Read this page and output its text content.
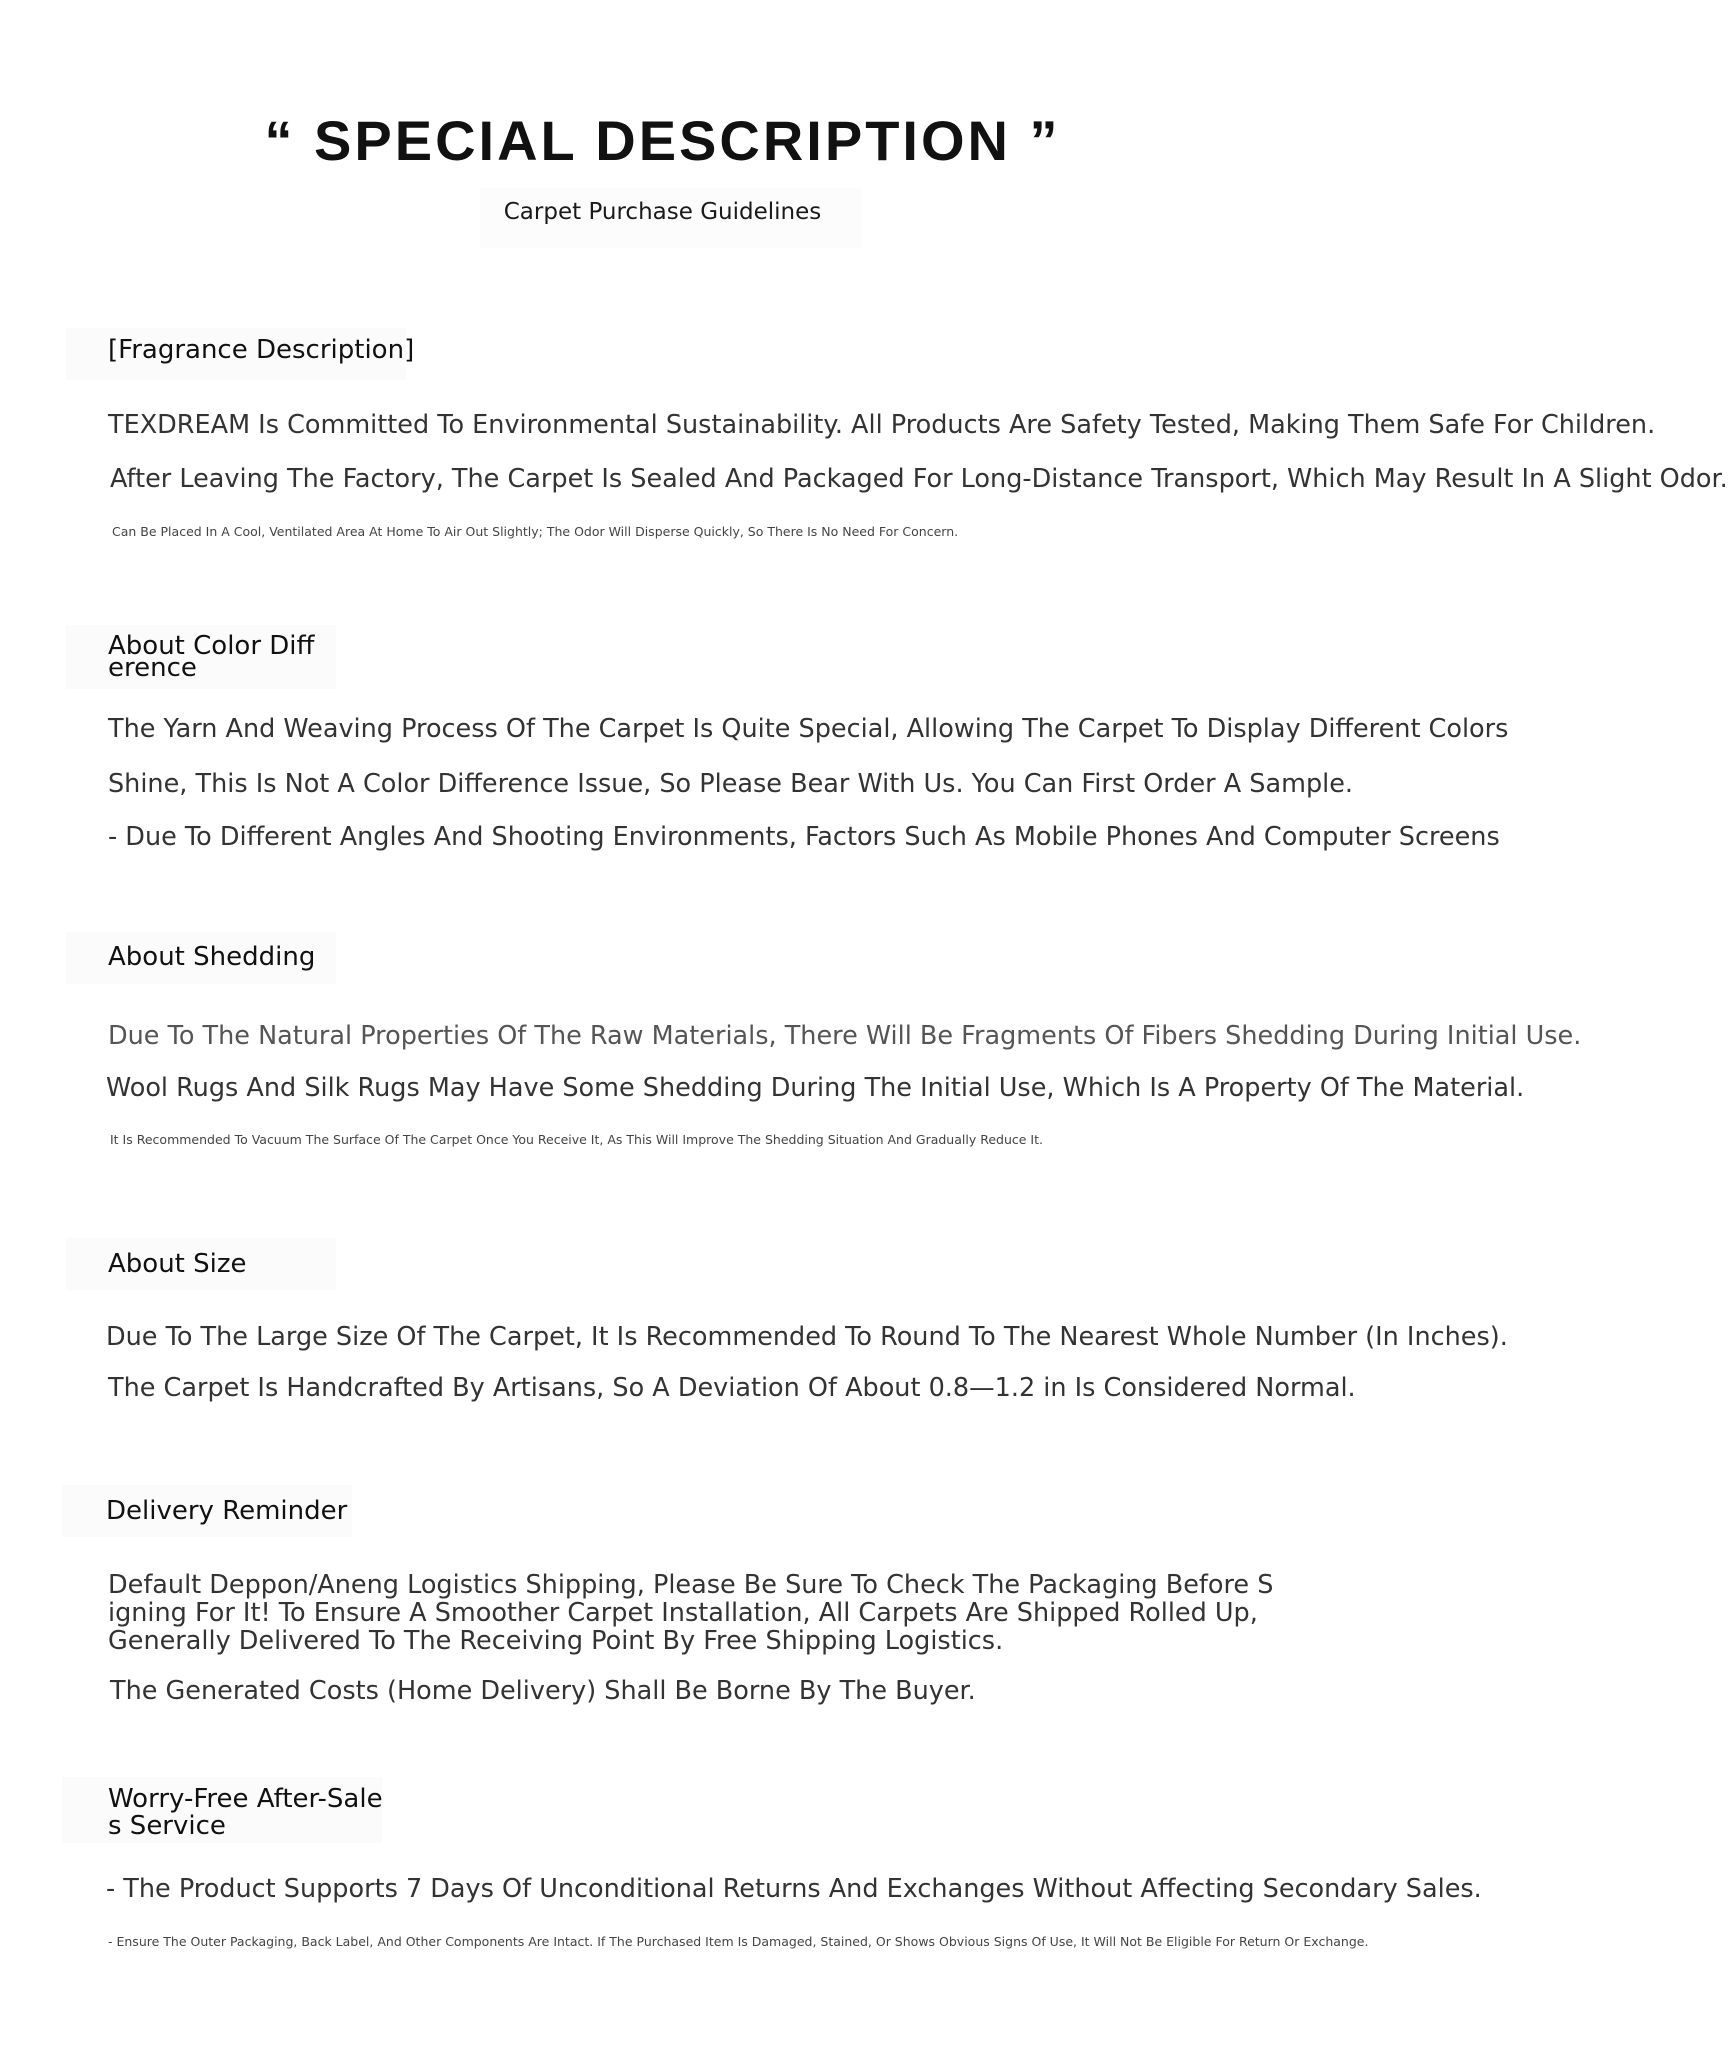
“ SPECIAL DESCRIPTION ”
Carpet Purchase Guidelines
[Fragrance Description]
TEXDREAM Is Committed To Environmental Sustainability. All Products Are Safety Tested, Making Them Safe For Children.
After Leaving The Factory, The Carpet Is Sealed And Packaged For Long-Distance Transport, Which May Result In A Slight Odor.
Can Be Placed In A Cool, Ventilated Area At Home To Air Out Slightly; The Odor Will Disperse Quickly, So There Is No Need For Concern.
About Color Diff
erence
The Yarn And Weaving Process Of The Carpet Is Quite Special, Allowing The Carpet To Display Different Colors
Shine, This Is Not A Color Difference Issue, So Please Bear With Us. You Can First Order A Sample.
- Due To Different Angles And Shooting Environments, Factors Such As Mobile Phones And Computer Screens
About Shedding
Due To The Natural Properties Of The Raw Materials, There Will Be Fragments Of Fibers Shedding During Initial Use.
Wool Rugs And Silk Rugs May Have Some Shedding During The Initial Use, Which Is A Property Of The Material.
It Is Recommended To Vacuum The Surface Of The Carpet Once You Receive It, As This Will Improve The Shedding Situation And Gradually Reduce It.
About Size
Due To The Large Size Of The Carpet, It Is Recommended To Round To The Nearest Whole Number (In Inches).
The Carpet Is Handcrafted By Artisans, So A Deviation Of About 0.8—1.2 in Is Considered Normal.
Delivery Reminder
Default Deppon/Aneng Logistics Shipping, Please Be Sure To Check The Packaging Before S
igning For It! To Ensure A Smoother Carpet Installation, All Carpets Are Shipped Rolled Up,
Generally Delivered To The Receiving Point By Free Shipping Logistics.
The Generated Costs (Home Delivery) Shall Be Borne By The Buyer.
Worry-Free After-Sale
s Service
- The Product Supports 7 Days Of Unconditional Returns And Exchanges Without Affecting Secondary Sales.
- Ensure The Outer Packaging, Back Label, And Other Components Are Intact. If The Purchased Item Is Damaged, Stained, Or Shows Obvious Signs Of Use, It Will Not Be Eligible For Return Or Exchange.
